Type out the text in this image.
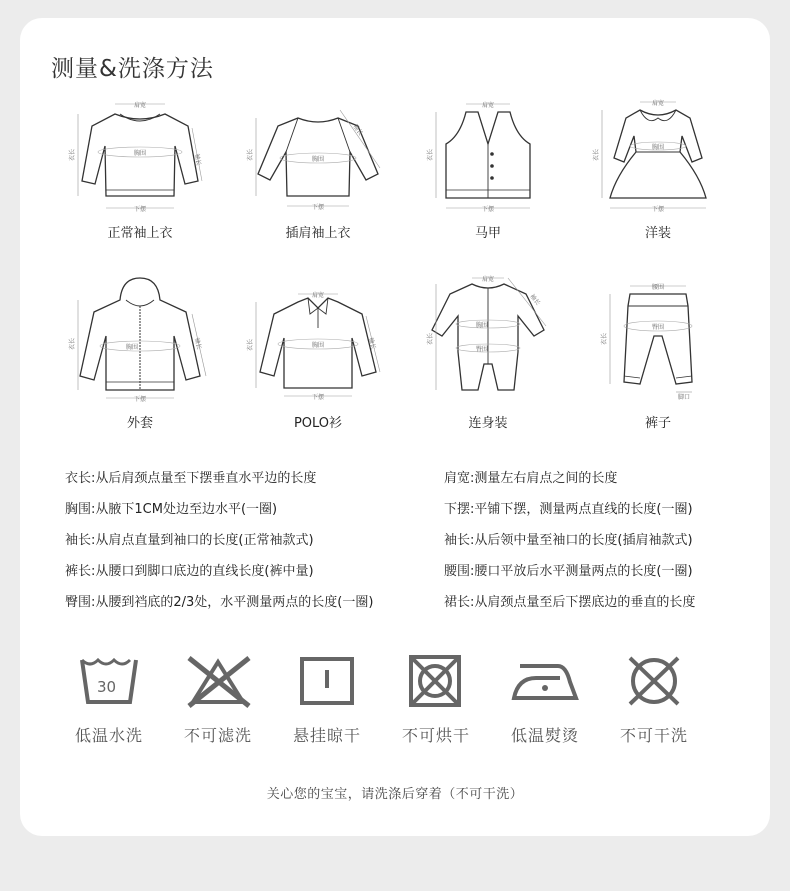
测量&洗涤方法
肩宽
衣长	胸围
下摆
袖长
正常袖上衣
衣长	胸围
下摆
袖长
插肩袖上衣
肩宽
衣长
下摆
马甲
肩宽
衣长
胸围
下摆
洋装
衣长	胸围
下摆
袖长
外套
肩宽
衣长	胸围
下摆
袖长
POLO衫
肩宽
衣长
胸围
臀围
袖长
连身装
腰围
衣长
臀围
脚口
裤子
衣长:从后肩颈点量至下摆垂直水平边的长度
胸围:从腋下1CM处边至边水平(一圈)
袖长:从肩点直量到袖口的长度(正常袖款式)
裤长:从腰口到脚口底边的直线长度(裤中量)
臀围:从腰到裆底的2/3处，水平测量两点的长度(一圈)
肩宽:测量左右肩点之间的长度
下摆:平铺下摆，测量两点直线的长度(一圈)
袖长:从后领中量至袖口的长度(插肩袖款式)
腰围:腰口平放后水平测量两点的长度(一圈)
裙长:从肩颈点量至后下摆底边的垂直的长度
30
低温水洗	不可滤洗	悬挂晾干	不可烘干	低温熨烫	不可干洗
关心您的宝宝，请洗涤后穿着（不可干洗）
